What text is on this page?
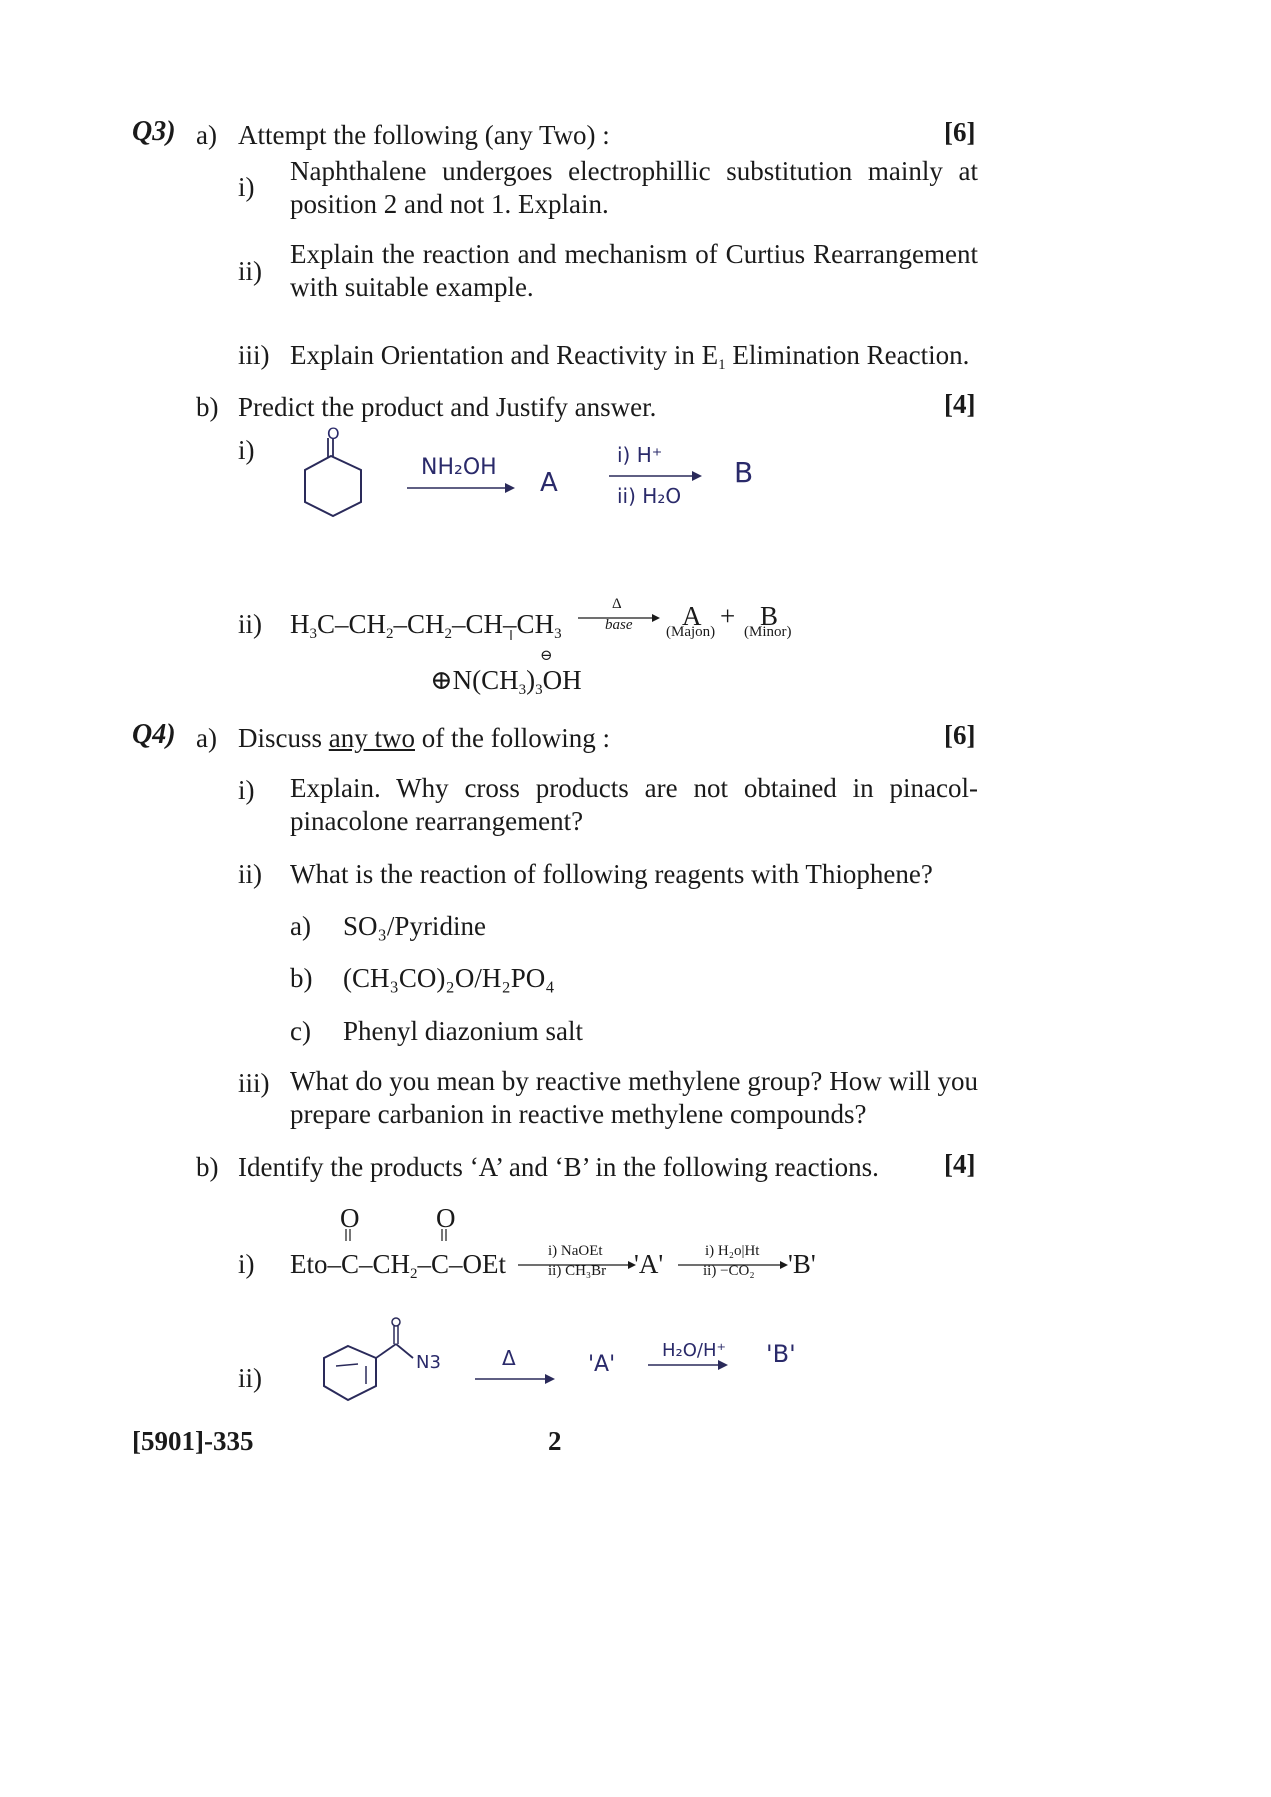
Q3) a) Attempt the following (any Two) :	[6]
i)
Naphthalene undergoes electrophillic substitution mainly at position 2 and not 1. Explain.
ii)
Explain the reaction and mechanism of Curtius Rearrangement with suitable example.
iii) Explain Orientation and Reactivity in $E_1$ Elimination Reaction.
b) Predict the product and Justify answer.	[4]
i)
O
NH₂OH
A
i) H⁺
ii) H₂O
B
ii) $H_3C-CH_2-CH_2-CH-CH_3$
Δ
base A + B
(Majon) (Minor)
⊖
$\oplus N(CH_3)_3OH$
Q4) a) Discuss any two of the following :	[6]
i) Explain. Why cross products are not obtained in pinacol-pinacolone rearrangement?
ii) What is the reaction of following reagents with Thiophene?
a) SO₃/Pyridine
b) (CH₃CO)₂O/H₂PO₄
c) Phenyl diazonium salt
iii) What do you mean by reactive methylene group? How will you prepare carbanion in reactive methylene compounds?
b) Identify the products ‘A’ and ‘B’ in the following reactions. [4]
O	O
i) Eto–$C-CH_2-C$–OEt	i) NaOEt
ii) CH₃Br 'A'	i) H₂o|Ht
ii) −CO₂ 'B'
ii)
N3	Δ	'A'
H₂O/H⁺ 'B'
[5901]-335	2
